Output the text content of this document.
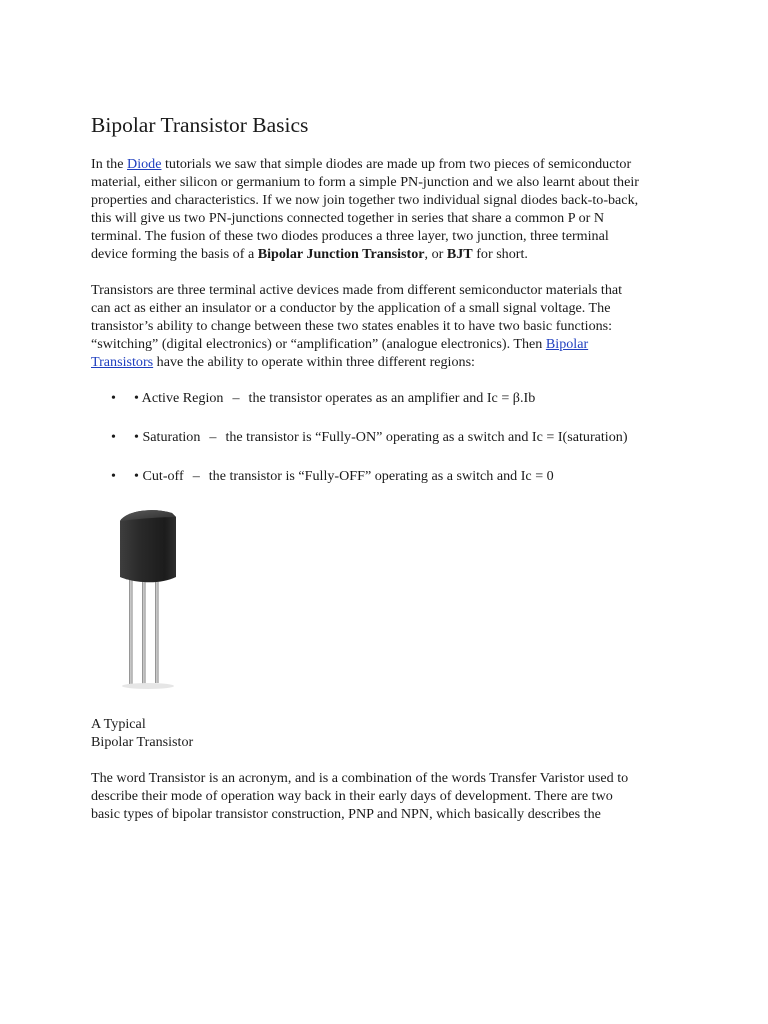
Bipolar Transistor Basics

In the Diode tutorials we saw that simple diodes are made up from two pieces of semiconductor
material, either silicon or germanium to form a simple PN-junction and we also learnt about their
properties and characteristics. If we now join together two individual signal diodes back-to-back,
this will give us two PN-junctions connected together in series that share a common P or N
terminal. The fusion of these two diodes produces a three layer, two junction, three terminal
device forming the basis of a Bipolar Junction Transistor, or BJT for short.

Transistors are three terminal active devices made from different semiconductor materials that
can act as either an insulator or a conductor by the application of a small signal voltage. The
transistor’s ability to change between these two states enables it to have two basic functions:
“switching” (digital electronics) or “amplification” (analogue electronics). Then Bipolar
Transistors have the ability to operate within three different regions:

• • Active Region – the transistor operates as an amplifier and Ic = β.Ib
• • Saturation – the transistor is “Fully-ON” operating as a switch and Ic = I(saturation)
• • Cut-off – the transistor is “Fully-OFF” operating as a switch and Ic = 0
A Typical
Bipolar Transistor

The word Transistor is an acronym, and is a combination of the words Transfer Varistor used to
describe their mode of operation way back in their early days of development. There are two
basic types of bipolar transistor construction, PNP and NPN, which basically describes the
